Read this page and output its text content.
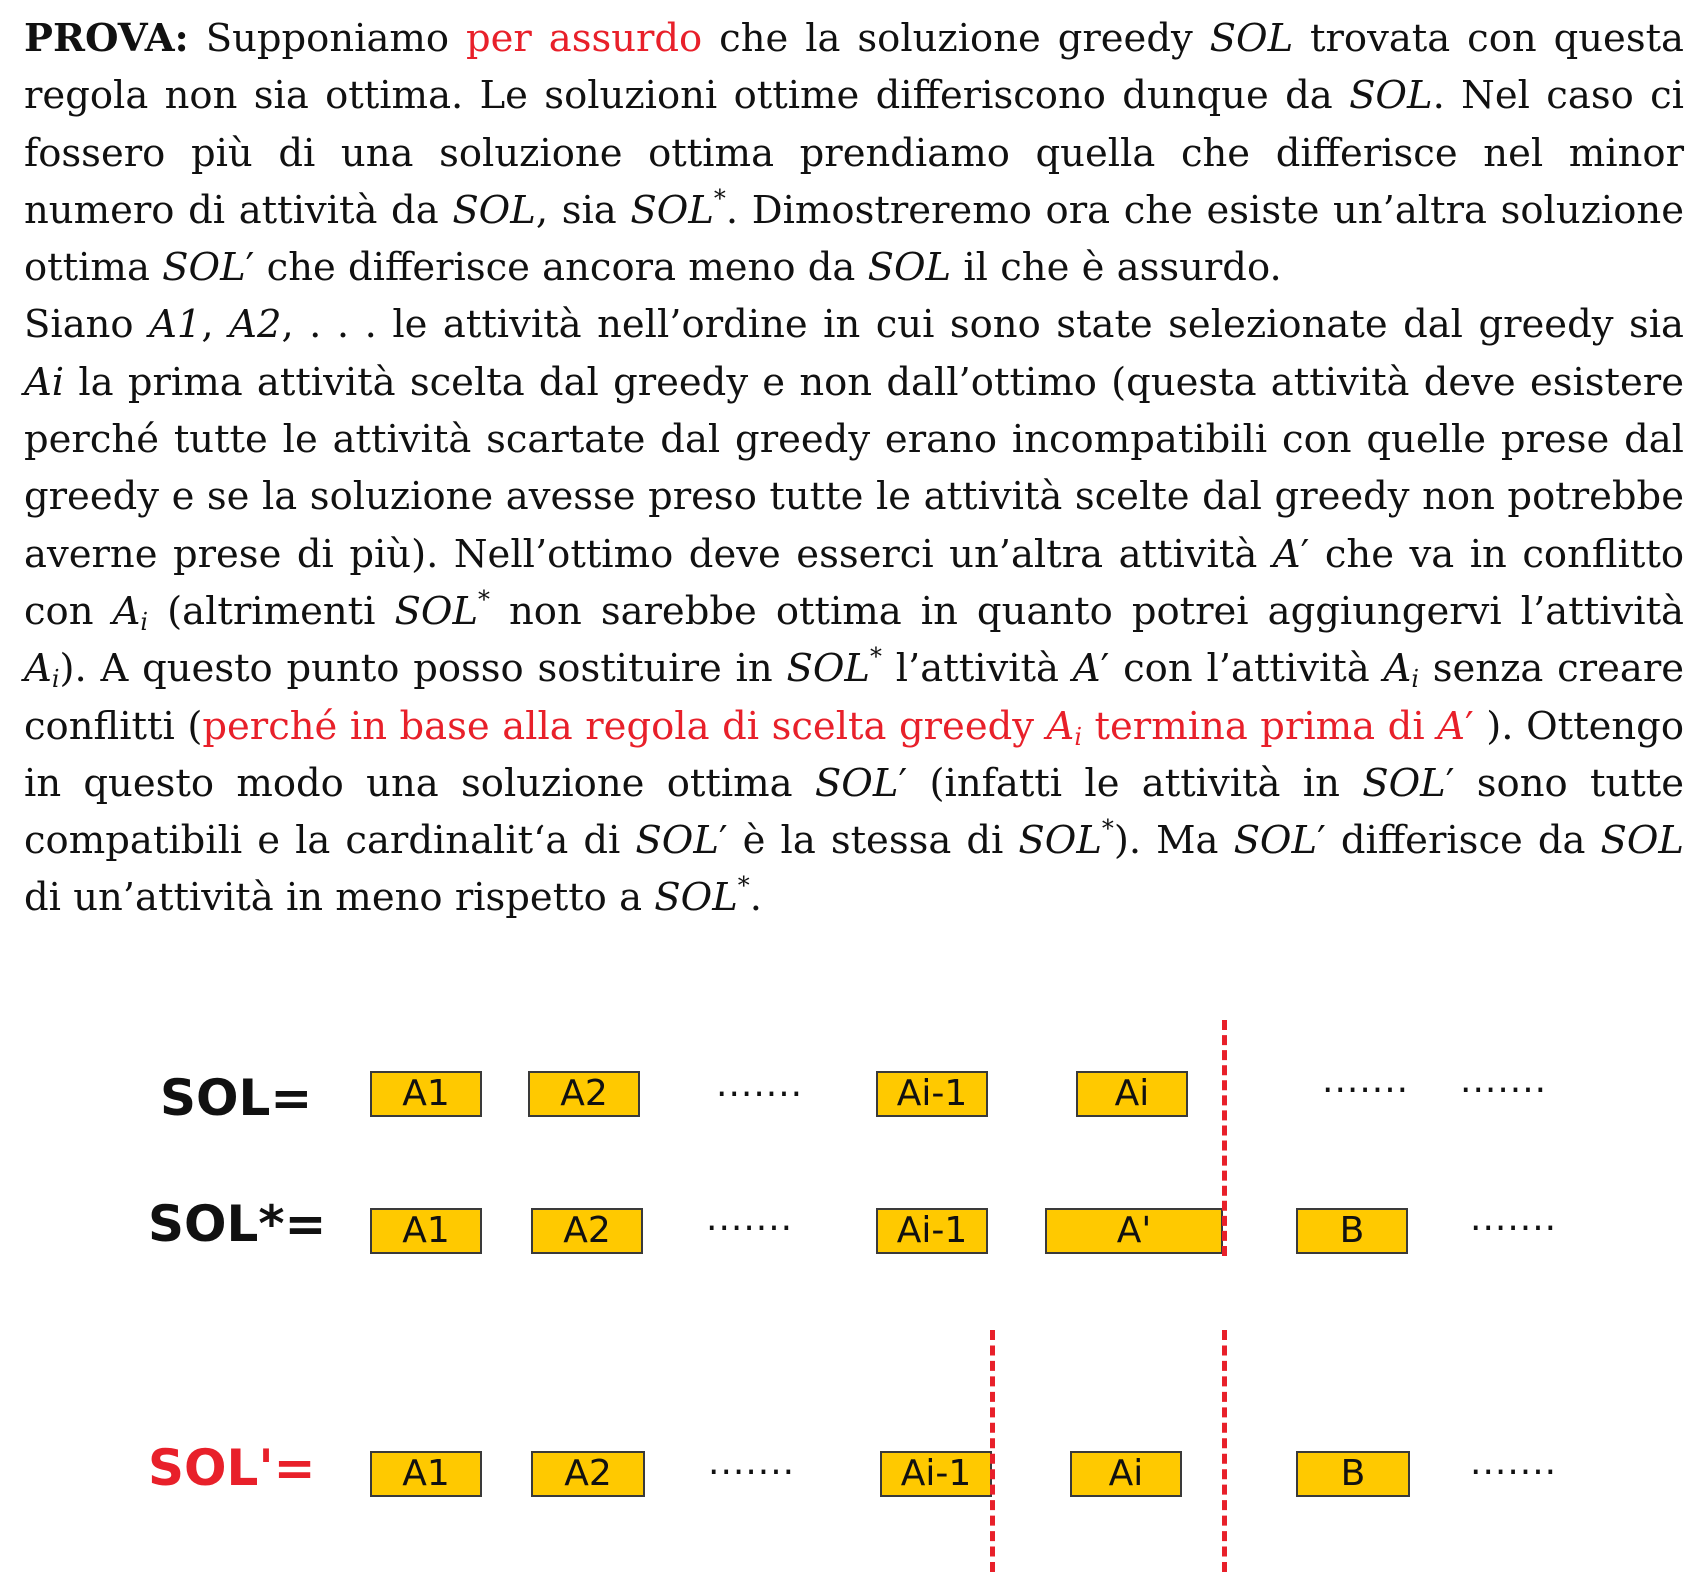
PROVA: Supponiamo per assurdo che la soluzione greedy SOL trovata con questa regola non sia ottima. Le soluzioni ottime differiscono dunque da SOL. Nel caso ci fossero più di una soluzione ottima prendiamo quella che differisce nel minor numero di attività da SOL, sia SOL*. Dimostreremo ora che esiste un’altra soluzione ottima SOL′ che differisce ancora meno da SOL il che è assurdo.

Siano A1, A2, . . . le attività nell’ordine in cui sono state selezionate dal greedy sia Ai la prima attività scelta dal greedy e non dall’ottimo (questa attività deve esistere perché tutte le attività scartate dal greedy erano incompatibili con quelle prese dal greedy e se la soluzione avesse preso tutte le attività scelte dal greedy non potrebbe averne prese di più). Nell’ottimo deve esserci un’altra attività A′ che va in conflitto con $A_i$ (altrimenti SOL* non sarebbe ottima in quanto potrei aggiungervi l’attività $A_i$). A questo punto posso sostituire in SOL* l’attività A′ con l’attività $A_i$ senza creare conflitti (perché in base alla regola di scelta greedy $A_i$ termina prima di A′ ). Ottengo in questo modo una soluzione ottima SOL′ (infatti le attività in SOL′ sono tutte compatibili e la cardinalit‘a di SOL′ è la stessa di SOL*). Ma SOL′ differisce da SOL di un’attività in meno rispetto a SOL*.

SOL=	A1	A2	·······	Ai-1	Ai	······· ·······
SOL*=	A1	A2	·······	Ai-1	A'	B	·······
SOL'=	A1	A2	·······	Ai-1	Ai	B	·······
